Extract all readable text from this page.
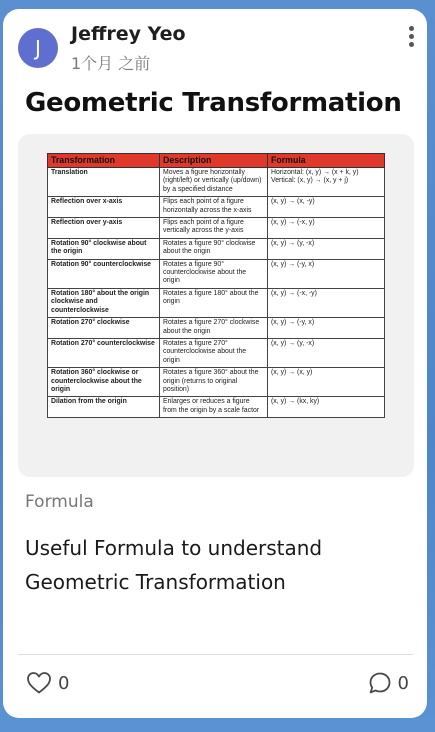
J
Jeffrey Yeo
1个月 之前
Geometric Transformation
Transformation	Description	Formula
Translation	Moves a figure horizontally (right/left) or vertically (up/down) by a specified distance	Horizontal: (x, y) → (x + k, y)
Vertical: (x, y) → (x, y + j)
Reflection over x-axis	Flips each point of a figure horizontally across the x-axis	(x, y) → (x, -y)
Reflection over y-axis	Flips each point of a figure vertically across the y-axis	(x, y) → (-x, y)
Rotation 90° clockwise about the origin	Rotates a figure 90° clockwise about the origin	(x, y) → (y, -x)
Rotation 90° counterclockwise	Rotates a figure 90° counterclockwise about the origin	(x, y) → (-y, x)
Rotation 180° about the origin clockwise and counterclockwise	Rotates a figure 180° about the origin	(x, y) → (-x, -y)
Rotation 270° clockwise	Rotates a figure 270° clockwise about the origin	(x, y) → (-y, x)
Rotation 270° counterclockwise	Rotates a figure 270° counterclockwise about the origin	(x, y) → (y, -x)
Rotation 360° clockwise or counterclockwise about the origin	Rotates a figure 360° about the origin (returns to original position)	(x, y) → (x, y)
Dilation from the origin	Enlarges or reduces a figure from the origin by a scale factor	(x, y) → (kx, ky)
Formula
Useful Formula to understand Geometric Transformation
0	0
